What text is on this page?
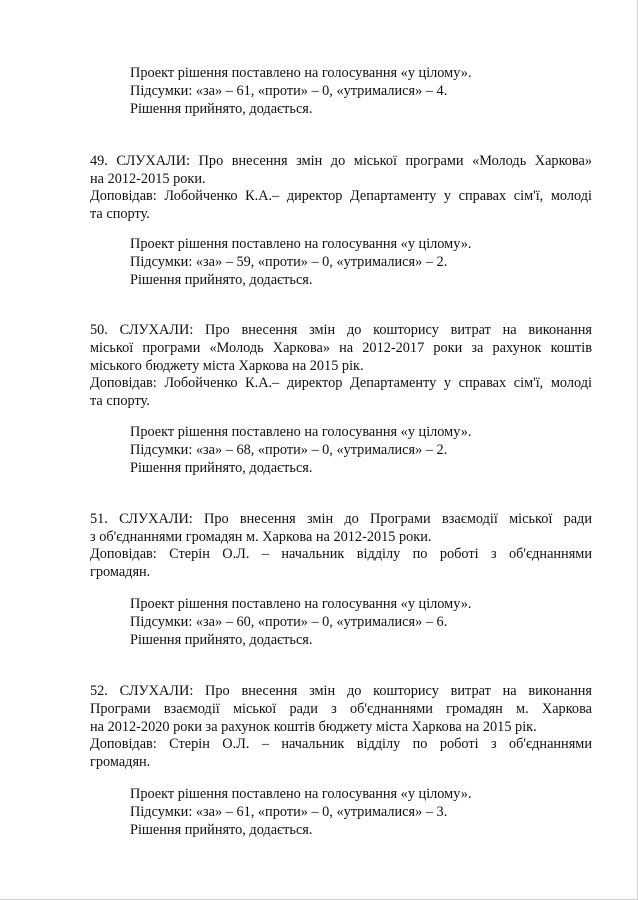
Проект рішення поставлено на голосування «у цілому».
Підсумки: «за» – 61, «проти» – 0, «утрималися» – 4.
Рішення прийнято, додається.
49. СЛУХАЛИ: Про внесення змін до міської програми «Молодь Харкова»
на 2012-2015 роки.
Доповідав: Лобойченко К.А.– директор Департаменту у справах сім'ї, молоді
та спорту.
Проект рішення поставлено на голосування «у цілому».
Підсумки: «за» – 59, «проти» – 0, «утрималися» – 2.
Рішення прийнято, додається.
50. СЛУХАЛИ: Про внесення змін до кошторису витрат на виконання
міської програми «Молодь Харкова» на 2012-2017 роки за рахунок коштів
міського бюджету міста Харкова на 2015 рік.
Доповідав: Лобойченко К.А.– директор Департаменту у справах сім'ї, молоді
та спорту.
Проект рішення поставлено на голосування «у цілому».
Підсумки: «за» – 68, «проти» – 0, «утрималися» – 2.
Рішення прийнято, додається.
51. СЛУХАЛИ: Про внесення змін до Програми взаємодії міської ради
з об'єднаннями громадян м. Харкова на 2012-2015 роки.
Доповідав: Стерін О.Л. – начальник відділу по роботі з об'єднаннями
громадян.
Проект рішення поставлено на голосування «у цілому».
Підсумки: «за» – 60, «проти» – 0, «утрималися» – 6.
Рішення прийнято, додається.
52. СЛУХАЛИ: Про внесення змін до кошторису витрат на виконання
Програми взаємодії міської ради з об'єднаннями громадян м. Харкова
на 2012-2020 роки за рахунок коштів бюджету міста Харкова на 2015 рік.
Доповідав: Стерін О.Л. – начальник відділу по роботі з об'єднаннями
громадян.
Проект рішення поставлено на голосування «у цілому».
Підсумки: «за» – 61, «проти» – 0, «утрималися» – 3.
Рішення прийнято, додається.
